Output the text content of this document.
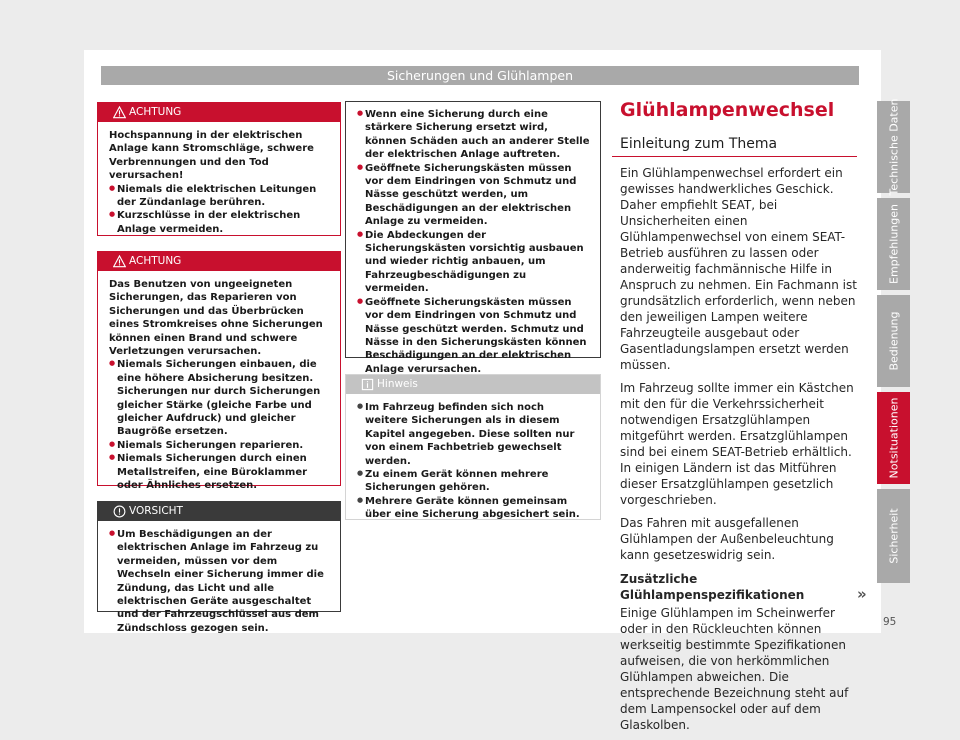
Sicherungen und Glühlampen
ACHTUNG

Hochspannung in der elektrischen Anlage kann Stromschläge, schwere Verbrennungen und den Tod verursachen!

● Niemals die elektrischen Leitungen der Zündanlage berühren.

● Kurzschlüsse in der elektrischen Anlage vermeiden.

ACHTUNG

Das Benutzen von ungeeigneten Sicherungen, das Reparieren von Sicherungen und das Überbrücken eines Stromkreises ohne Sicherungen können einen Brand und schwere Verletzungen verursachen.

● Niemals Sicherungen einbauen, die eine höhere Absicherung besitzen. Sicherungen nur durch Sicherungen gleicher Stärke (gleiche Farbe und gleicher Aufdruck) und gleicher Baugröße ersetzen.

● Niemals Sicherungen reparieren.

● Niemals Sicherungen durch einen Metallstreifen, eine Büroklammer oder Ähnliches ersetzen.

VORSICHT

● Um Beschädigungen an der elektrischen Anlage im Fahrzeug zu vermeiden, müssen vor dem Wechseln einer Sicherung immer die Zündung, das Licht und alle elektrischen Geräte ausgeschaltet und der Fahrzeugschlüssel aus dem Zündschloss gezogen sein.

● Wenn eine Sicherung durch eine stärkere Sicherung ersetzt wird, können Schäden auch an anderer Stelle der elektrischen Anlage auftreten.

● Geöffnete Sicherungskästen müssen vor dem Eindringen von Schmutz und Nässe geschützt werden, um Beschädigungen an der elektrischen Anlage zu vermeiden.

● Die Abdeckungen der Sicherungskästen vorsichtig ausbauen und wieder richtig anbauen, um Fahrzeugbeschädigungen zu vermeiden.

● Geöffnete Sicherungskästen müssen vor dem Eindringen von Schmutz und Nässe geschützt werden. Schmutz und Nässe in den Sicherungskästen können Beschädigungen an der elektrischen Anlage verursachen.

Hinweis

● Im Fahrzeug befinden sich noch weitere Sicherungen als in diesem Kapitel angegeben. Diese sollten nur von einem Fachbetrieb gewechselt werden.

● Zu einem Gerät können mehrere Sicherungen gehören.

● Mehrere Geräte können gemeinsam über eine Sicherung abgesichert sein.

Glühlampenwechsel
Einleitung zum Thema

Ein Glühlampenwechsel erfordert ein gewisses handwerkliches Geschick. Daher empfiehlt SEAT, bei Unsicherheiten einen Glühlampenwechsel von einem SEAT-Betrieb ausführen zu lassen oder anderweitig fachmännische Hilfe in Anspruch zu nehmen. Ein Fachmann ist grundsätzlich erforderlich, wenn neben den jeweiligen Lampen weitere Fahrzeugteile ausgebaut oder Gasentladungslampen ersetzt werden müssen.

Im Fahrzeug sollte immer ein Kästchen mit den für die Verkehrssicherheit notwendigen Ersatzglühlampen mitgeführt werden. Ersatzglühlampen sind bei einem SEAT-Betrieb erhältlich. In einigen Ländern ist das Mitführen dieser Ersatzglühlampen gesetzlich vorgeschrieben.

Das Fahren mit ausgefallenen Glühlampen der Außenbeleuchtung kann gesetzeswidrig sein.

Zusätzliche Glühlampenspezifikationen

Einige Glühlampen im Scheinwerfer oder in den Rückleuchten können werkseitig bestimmte Spezifikationen aufweisen, die von herkömmlichen Glühlampen abweichen. Die entsprechende Bezeichnung steht auf dem Lampensockel oder auf dem Glaskolben.

»
Technische Daten
Empfehlungen
Bedienung
Notsituationen
Sicherheit
95
